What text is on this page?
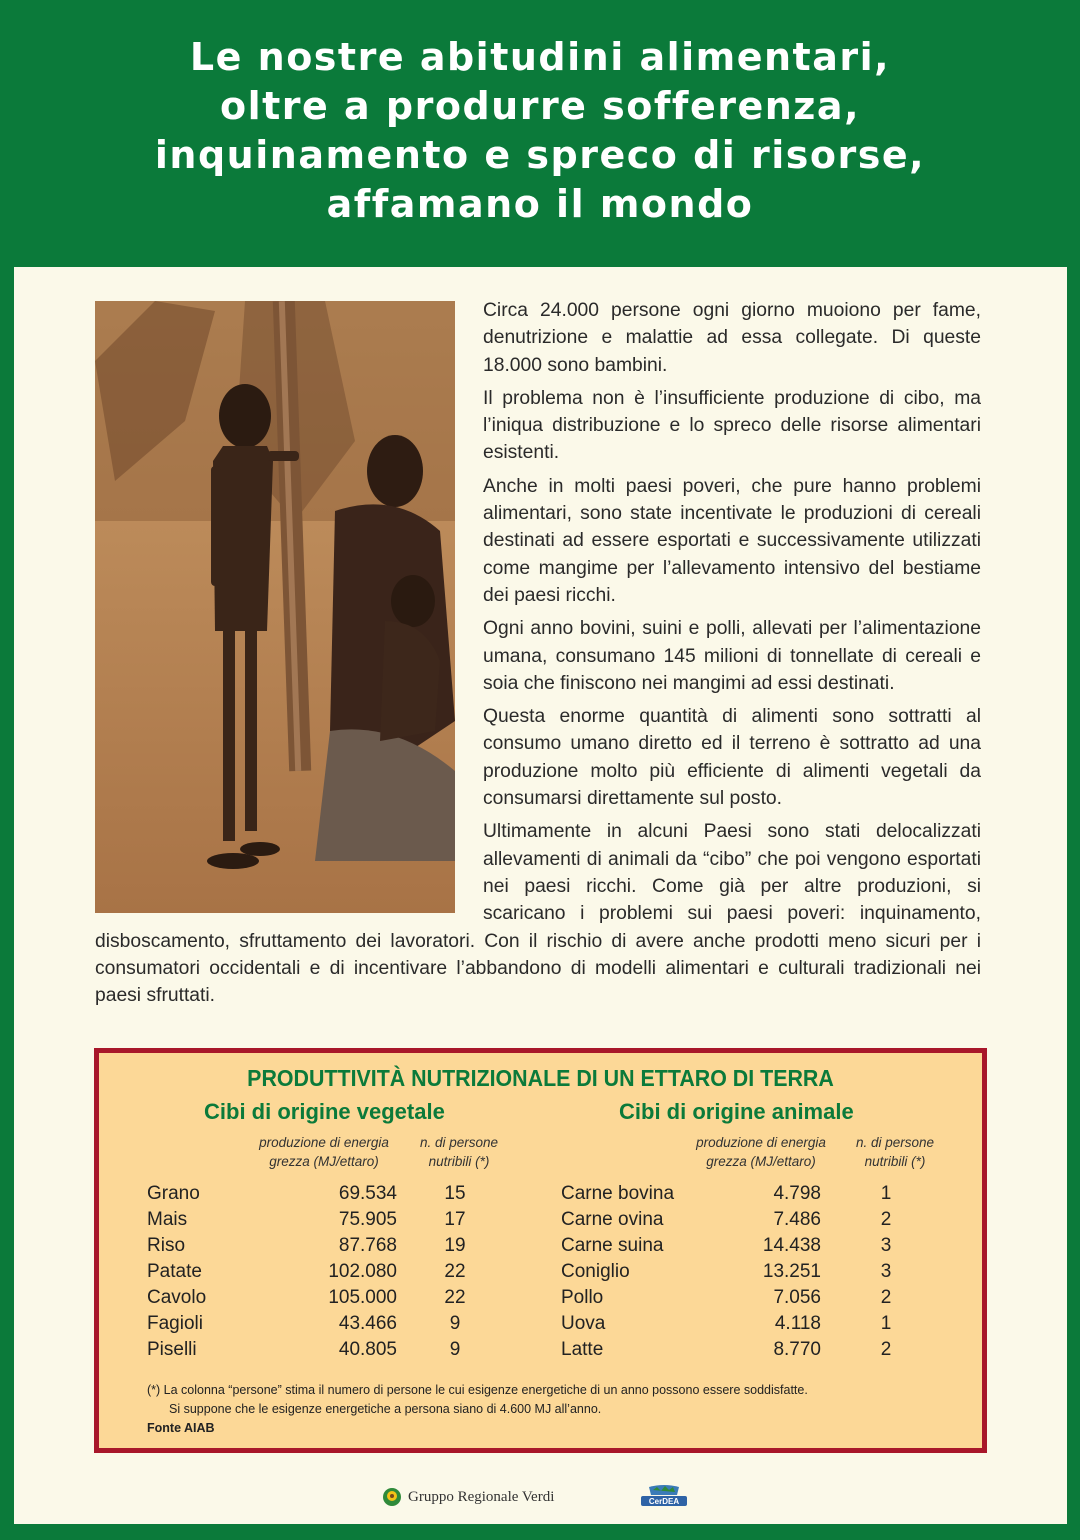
Le nostre abitudini alimentari,
oltre a produrre sofferenza,
inquinamento e spreco di risorse,
affamano il mondo

Circa 24.000 persone ogni giorno muoiono per fame, denutrizione e malattie ad essa collegate. Di queste 18.000 sono bambini.

Il problema non è l’insufficiente produzione di cibo, ma l’iniqua distribuzione e lo spreco delle risorse alimentari esistenti.

Anche in molti paesi poveri, che pure hanno problemi alimentari, sono state incentivate le produzioni di cereali destinati ad essere esportati e successivamente utilizzati come mangime per l’allevamento intensivo del bestiame dei paesi ricchi.

Ogni anno bovini, suini e polli, allevati per l’alimentazione umana, consumano 145 milioni di tonnellate di cereali e soia che finiscono nei mangimi ad essi destinati.

Questa enorme quantità di alimenti sono sottratti al consumo umano diretto ed il terreno è sottratto ad una produzione molto più efficiente di alimenti vegetali da consumarsi direttamente sul posto.

Ultimamente in alcuni Paesi sono stati delocalizzati allevamenti di animali da “cibo” che poi vengono esportati nei paesi ricchi. Come già per altre produzioni, si scaricano i problemi sui paesi poveri: inquinamento, disboscamento, sfruttamento dei lavoratori. Con il rischio di avere anche prodotti meno sicuri per i consumatori occidentali e di incentivare l’abbandono di modelli alimentari e culturali tradizionali nei paesi sfruttati.

PRODUTTIVITÀ NUTRIZIONALE DI UN ETTARO DI TERRA
Cibi di origine vegetale	Cibi di origine animale
produzione di energia
grezza (MJ/ettaro)
n. di persone
nutribili (*)
produzione di energia
grezza (MJ/ettaro)
n. di persone
nutribili (*)
Grano	69.534	15
Mais	75.905	17
Riso	87.768	19
Patate	102.080	22
Cavolo	105.000	22
Fagioli	43.466	9
Piselli	40.805	9
Carne bovina	4.798	1
Carne ovina	7.486	2
Carne suina	14.438	3
Coniglio	13.251	3
Pollo	7.056	2
Uova	4.118	1
Latte	8.770	2
(*) La colonna “persone” stima il numero di persone le cui esigenze energetiche di un anno possono essere soddisfatte.
Si suppone che le esigenze energetiche a persona siano di 4.600 MJ all’anno.
Fonte AIAB
Gruppo Regionale Verdi	CerDEA
